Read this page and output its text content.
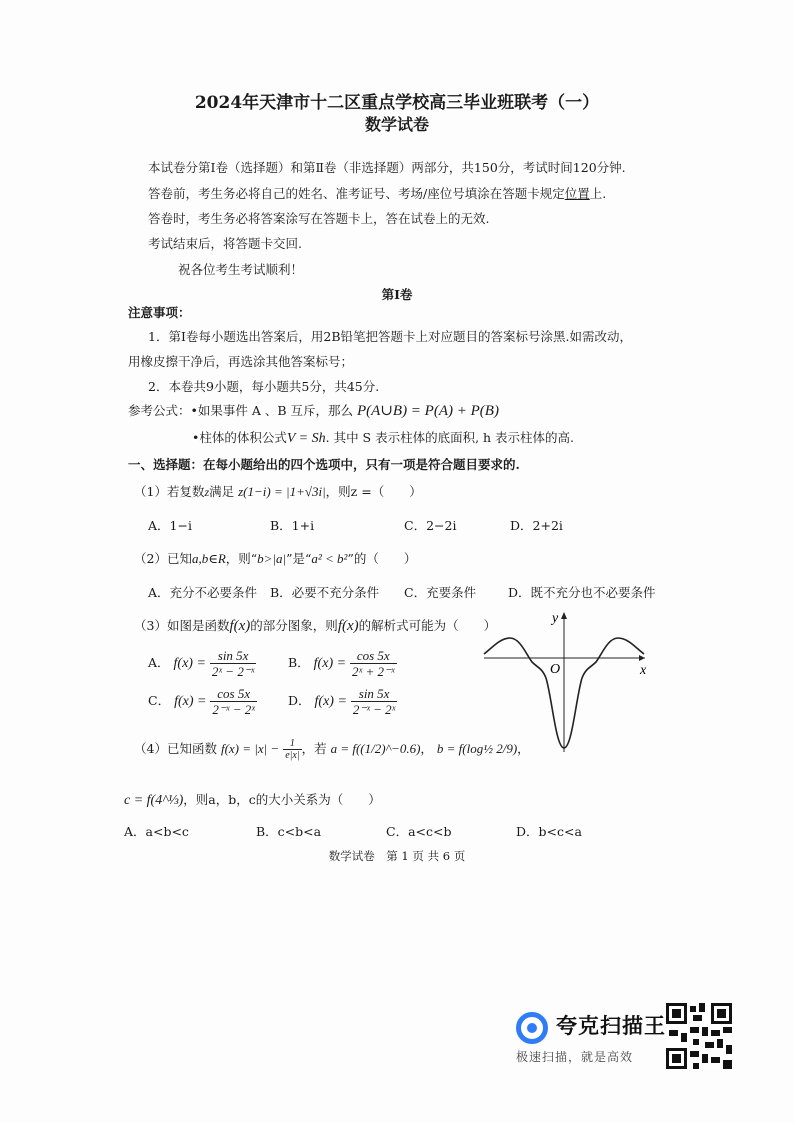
2024年天津市十二区重点学校高三毕业班联考（一）
数学试卷
本试卷分第Ⅰ卷（选择题）和第Ⅱ卷（非选择题）两部分，共150分，考试时间120分钟.
答卷前，考生务必将自己的姓名、准考证号、考场/座位号填涂在答题卡规定位置上.
答卷时，考生务必将答案涂写在答题卡上，答在试卷上的无效.
考试结束后，将答题卡交回.
祝各位考生考试顺利！
第Ⅰ卷
注意事项：
1．第Ⅰ卷每小题选出答案后，用2B铅笔把答题卡上对应题目的答案标号涂黑.如需改动，
用橡皮擦干净后，再选涂其他答案标号；
2．本卷共9小题，每小题共5分，共45分.
参考公式：•如果事件 A 、B 互斥，那么 P(A∪B) = P(A) + P(B)
•柱体的体积公式V = Sh. 其中 S 表示柱体的底面积, h 表示柱体的高.
一、选择题：在每小题给出的四个选项中，只有一项是符合题目要求的.
（1）若复数z满足 z(1−i) = |1+√3i|，则z =（　　）
A．1−i	B．1+i	C．2−2i	D．2+2i
（2）已知a,b∈R，则“b>|a|”是“a² < b²”的（　　）
A．充分不必要条件 B．必要不充分条件 C．充要条件	D．既不充分也不必要条件
（3）如图是函数f(x)的部分图象，则f(x)的解析式可能为（　　）
A． $f(x) = \frac{\sin 5x}{\text{2ˣ − 2⁻ˣ}}$	B． $f(x) = \frac{\cos 5x}{\text{2ˣ + 2⁻ˣ}}$
C． $f(x) = \frac{\cos 5x}{\text{2⁻ˣ − 2ˣ}}$ D． $f(x) = \frac{\sin 5x}{\text{2⁻ˣ − 2ˣ}}$
y
x
O
（4）已知函数 $f(x) = |x| - \frac{1}{e|x|}$ ，若 a = f((1/2)^−0.6)， b = f(log½ 2/9)，
c = f(4^⅓)，则a，b，c的大小关系为（　　）
A．a<b<c	B．c<b<a	C．a<c<b	D．b<c<a
数学试卷　第 1 页 共 6 页
夸克扫描王
极速扫描，就是高效
